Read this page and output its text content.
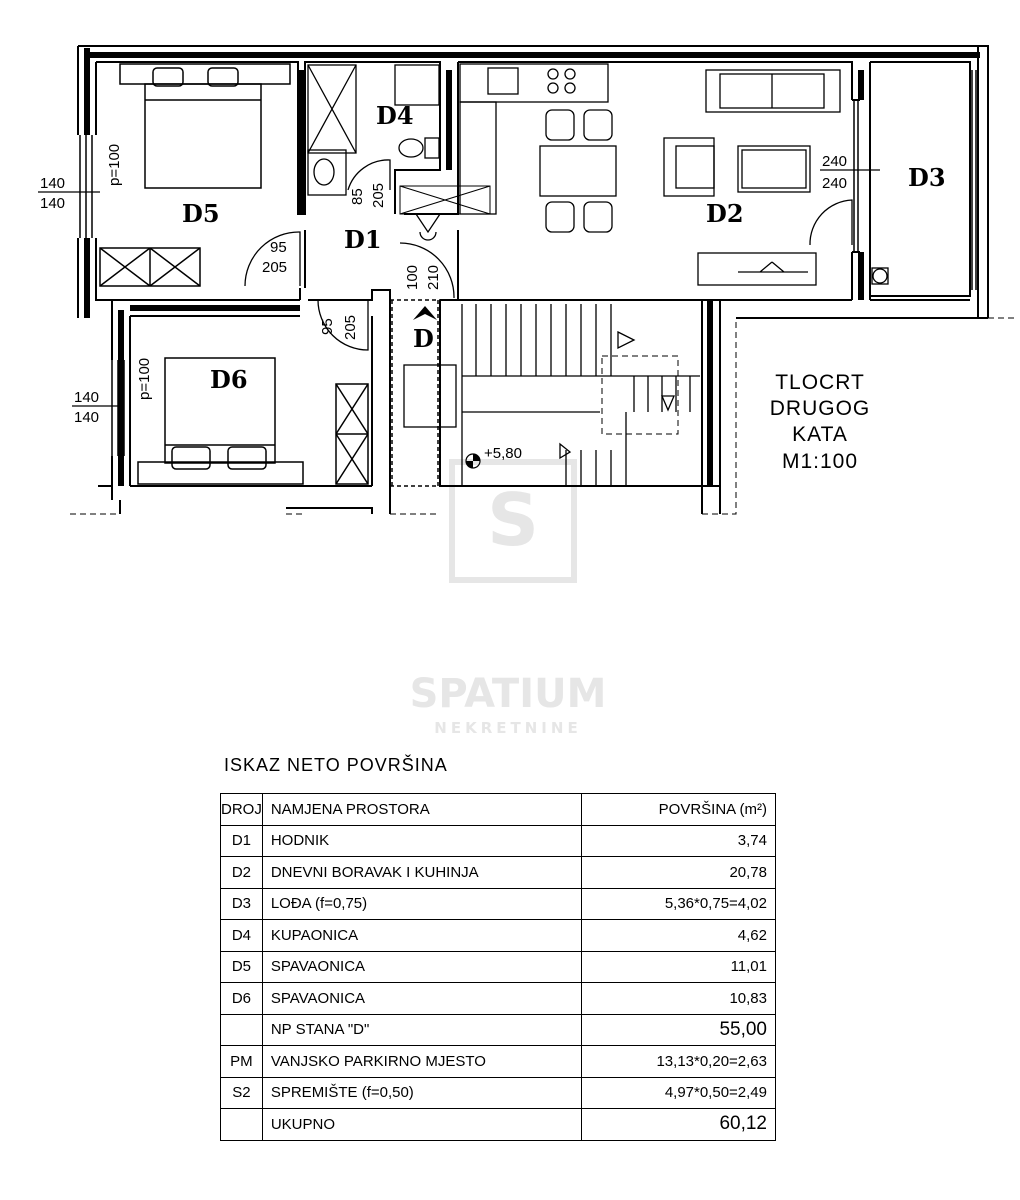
S
SPATIUM
NEKRETNINE
D4
D5
D1
D2
D3
D6
D
140
140
p=100
140
140
p=100
85 205
95
205
95 205
100 210
240
240
+5,80
TLOCRT
DRUGOG
KATA
M1:100
ISKAZ NETO POVRŠINA
DROJ	NAMJENA PROSTORA	POVRŠINA (m²)
D1	HODNIK	3,74
D2	DNEVNI BORAVAK I KUHINJA	20,78
D3	LOĐA (f=0,75)	5,36*0,75=4,02
D4	KUPAONICA	4,62
D5	SPAVAONICA	11,01
D6	SPAVAONICA	10,83
	NP STANA "D"	55,00
PM	VANJSKO PARKIRNO MJESTO	13,13*0,20=2,63
S2	SPREMIŠTE (f=0,50)	4,97*0,50=2,49
	UKUPNO	60,12
